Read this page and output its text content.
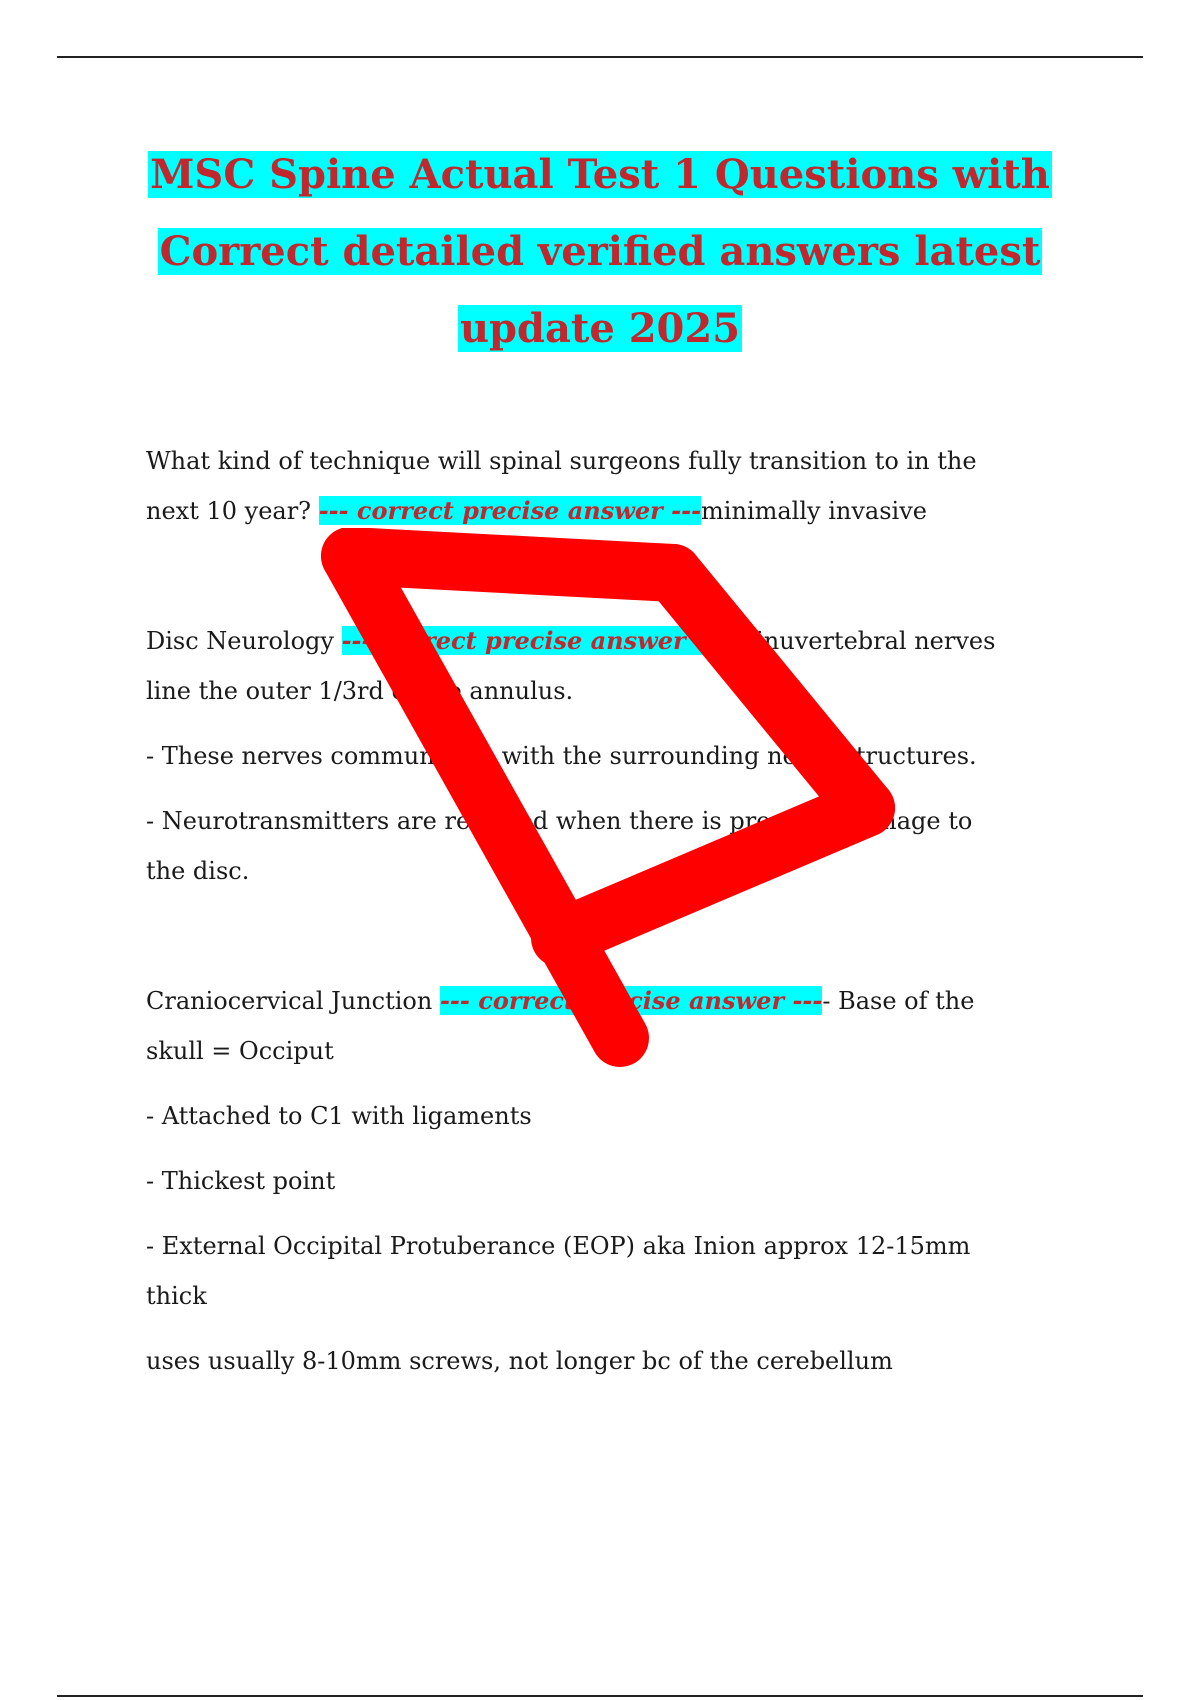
MSC Spine Actual Test 1 Questions with
Correct detailed verified answers latest
update 2025

What kind of technique will spinal surgeons fully transition to in the

next 10 year? --- correct precise answer ---minimally invasive

Disc Neurology --- correct precise answer ---- Sinuvertebral nerves

line the outer 1/3rd of the annulus.

- These nerves communicate with the surrounding nerve structures.

- Neurotransmitters are released when there is pressure/damage to

the disc.

Craniocervical Junction --- correct precise answer ---- Base of the

skull = Occiput

- Attached to C1 with ligaments

- Thickest point

- External Occipital Protuberance (EOP) aka Inion approx 12-15mm

thick

uses usually 8-10mm screws, not longer bc of the cerebellum
